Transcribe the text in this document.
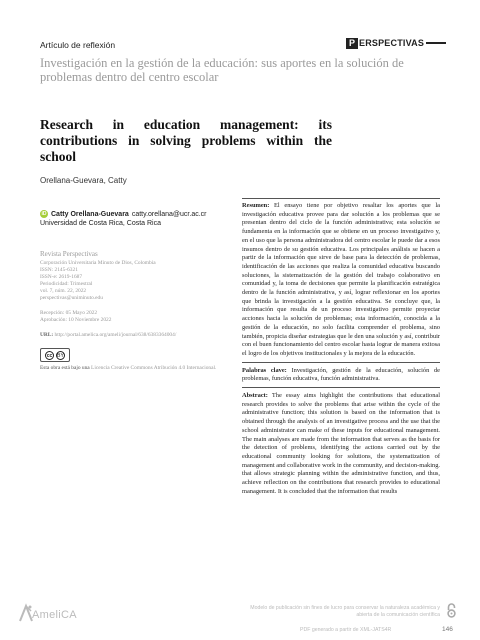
Artículo de reflexión	P ERSPECTIVAS
Investigación en la gestión de la educación: sus aportes en la solución de problemas dentro del centro escolar
Research in education management: its contributions in solving problems within the school
Orellana-Guevara, Catty
iD Catty Orellana-Guevara catty.orellana@ucr.ac.cr
Universidad de Costa Rica, Costa Rica
Revista Perspectivas
Corporación Universitaria Minuto de Dios, Colombia
ISSN: 2145-6321
ISSN-e: 2619-1687
Periodicidad: Trimestral
vol. 7, núm. 22, 2022
perspectivas@uniminuto.edu
Recepción: 05 Mayo 2022
Aprobación: 10 Noviembre 2022
URL: http://portal.amelica.org/ameli/journal/638/6383364004/
cc BY
Esta obra está bajo una Licencia Creative Commons Atribución 4.0 Internacional.
Resumen: El ensayo tiene por objetivo resaltar los aportes que la investigación educativa provee para dar solución a los problemas que se presentan dentro del ciclo de la función administrativa; esta solución se fundamenta en la información que se obtiene en un proceso investigativo y, en el uso que la persona administradora del centro escolar le puede dar a esos insumos dentro de su gestión educativa. Los principales análisis se hacen a partir de la información que sirve de base para la detección de problemas, identificación de las acciones que realiza la comunidad educativa buscando soluciones, la sistematización de la gestión del trabajo colaborativo en comunidad y, la toma de decisiones que permite la planificación estratégica dentro de la función administrativa, y así, lograr reflexionar en los aportes que brinda la investigación a la gestión educativa. Se concluye que, la información que resulta de un proceso investigativo permite proyectar acciones hacia la solución de problemas; esta información, conocida a la gestión de la educación, no solo facilita comprender el problema, sino también, propicia diseñar estrategias que le den una solución y así, contribuir con el buen funcionamiento del centro escolar hasta lograr de manera exitosa el logro de los objetivos institucionales y la mejora de la educación.
Palabras clave: Investigación, gestión de la educación, solución de problemas, función educativa, función administrativa.
Abstract: The essay aims highlight the contributions that educational research provides to solve the problems that arise within the cycle of the administrative function; this solution is based on the information that is obtained through the analysis of an investigative process and the use that the school administrator can make of these inputs for educational management. The main analyses are made from the information that serves as the basis for the detection of problems, identifying the actions carried out by the educational community looking for solutions, the systematization of management and collaborative work in the community, and decision-making. that allows strategic planning within the administrative function, and thus, achieve reflection on the contributions that research provides to educational management. It is concluded that the information that results
AmeliCA
Modelo de publicación sin fines de lucro para conservar la naturaleza académica y
abierta de la comunicación científica
PDF generado a partir de XML-JATS4R	146
